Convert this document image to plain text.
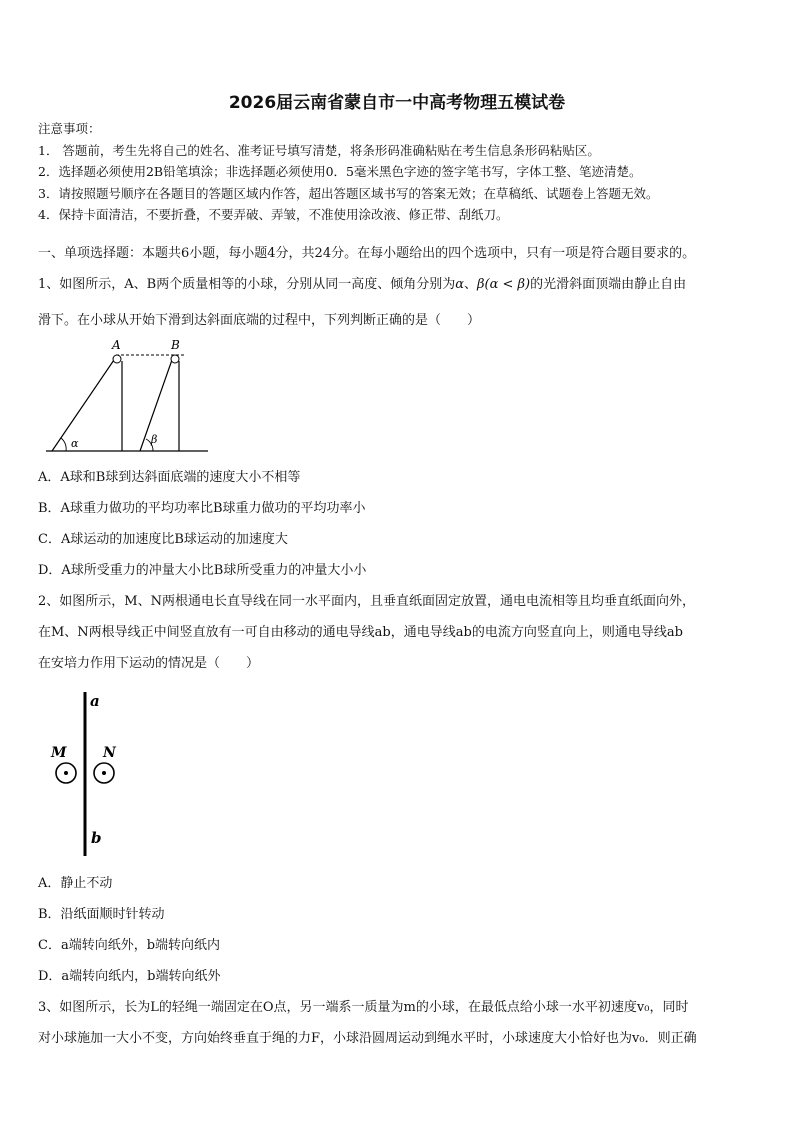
2026届云南省蒙自市一中高考物理五模试卷
注意事项：
1． 答题前，考生先将自己的姓名、准考证号填写清楚，将条形码准确粘贴在考生信息条形码粘贴区。
2．选择题必须使用2B铅笔填涂；非选择题必须使用0．5毫米黑色字迹的签字笔书写，字体工整、笔迹清楚。
3．请按照题号顺序在各题目的答题区域内作答，超出答题区域书写的答案无效；在草稿纸、试题卷上答题无效。
4．保持卡面清洁，不要折叠，不要弄破、弄皱，不准使用涂改液、修正带、刮纸刀。
一、单项选择题：本题共6小题，每小题4分，共24分。在每小题给出的四个选项中，只有一项是符合题目要求的。
1、如图所示，A、B两个质量相等的小球，分别从同一高度、倾角分别为α、β(α < β)的光滑斜面顶端由静止自由
滑下。在小球从开始下滑到达斜面底端的过程中，下列判断正确的是（　　）
A	B
α	β
A．A球和B球到达斜面底端的速度大小不相等
B．A球重力做功的平均功率比B球重力做功的平均功率小
C．A球运动的加速度比B球运动的加速度大
D．A球所受重力的冲量大小比B球所受重力的冲量大小小
2、如图所示，M、N两根通电长直导线在同一水平面内，且垂直纸面固定放置，通电电流相等且均垂直纸面向外，
在M、N两根导线正中间竖直放有一可自由移动的通电导线ab，通电导线ab的电流方向竖直向上，则通电导线ab
在安培力作用下运动的情况是（　　）
a
b
M	N
A．静止不动
B．沿纸面顺时针转动
C．a端转向纸外，b端转向纸内
D．a端转向纸内，b端转向纸外
3、如图所示，长为L的轻绳一端固定在O点，另一端系一质量为m的小球，在最低点给小球一水平初速度v₀，同时
对小球施加一大小不变，方向始终垂直于绳的力F，小球沿圆周运动到绳水平时，小球速度大小恰好也为v₀．则正确
